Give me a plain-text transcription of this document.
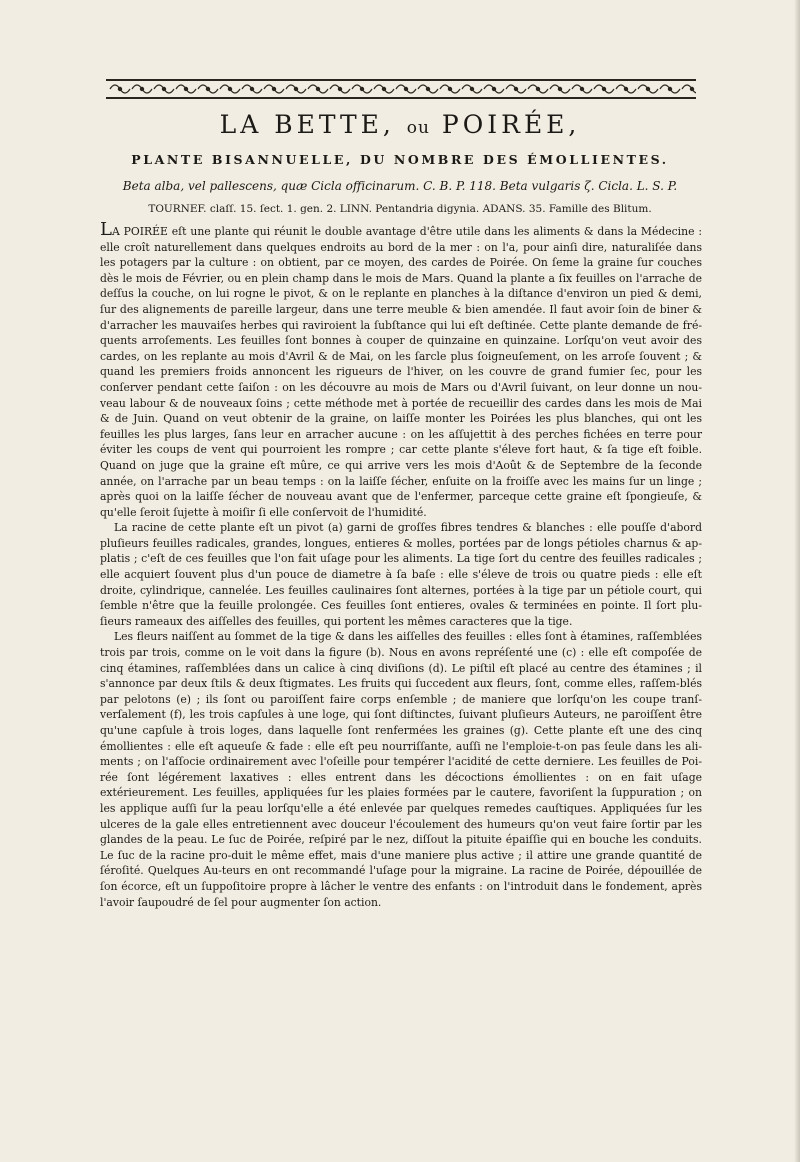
LA BETTE, ou POIRÉE,
PLANTE BISANNUELLE, DU NOMBRE DES ÉMOLLIENTES.
Beta alba, vel pallescens, quæ Cicla officinarum. C. B. P. 118. Beta vulgaris ζ. Cicla. L. S. P.
TOURNEF. claſſ. 15. ſect. 1. gen. 2. LINN. Pentandria digynia. ADANS. 35. Famille des Blitum.

LA POIRÉE eſt une plante qui réunit le double avantage d'être utile dans les aliments & dans la Médecine : elle croît naturellement dans quelques endroits au bord de la mer : on l'a, pour ainſi dire, naturaliſée dans les potagers par la culture : on obtient, par ce moyen, des cardes de Poirée. On ſeme la graine ſur couches dès le mois de Février, ou en plein champ dans le mois de Mars. Quand la plante a ſix feuilles on l'arrache de deſſus la couche, on lui rogne le pivot, & on le replante en planches à la diſtance d'environ un pied & demi, ſur des alignements de pareille largeur, dans une terre meuble & bien amendée. Il faut avoir ſoin de biner & d'arracher les mauvaiſes herbes qui raviroient la ſubſtance qui lui eſt deſtinée. Cette plante demande de fré-quents arroſements. Les feuilles ſont bonnes à couper de quinzaine en quinzaine. Lorſqu'on veut avoir des cardes, on les replante au mois d'Avril & de Mai, on les ſarcle plus ſoigneuſement, on les arroſe ſouvent ; & quand les premiers froids annoncent les rigueurs de l'hiver, on les couvre de grand fumier ſec, pour les conſerver pendant cette ſaiſon : on les découvre au mois de Mars ou d'Avril ſuivant, on leur donne un nou-veau labour & de nouveaux ſoins ; cette méthode met à portée de recueillir des cardes dans les mois de Mai & de Juin. Quand on veut obtenir de la graine, on laiſſe monter les Poirées les plus blanches, qui ont les feuilles les plus larges, ſans leur en arracher aucune : on les aſſujettit à des perches fichées en terre pour éviter les coups de vent qui pourroient les rompre ; car cette plante s'éleve fort haut, & ſa tige eſt foible. Quand on juge que la graine eſt mûre, ce qui arrive vers les mois d'Août & de Septembre de la ſeconde année, on l'arrache par un beau temps : on la laiſſe ſécher, enſuite on la froiſſe avec les mains ſur un linge ; après quoi on la laiſſe ſécher de nouveau avant que de l'enfermer, parceque cette graine eſt ſpongieuſe, & qu'elle ſeroit ſujette à moiſir ſi elle conſervoit de l'humidité.

La racine de cette plante eſt un pivot (a) garni de groſſes fibres tendres & blanches : elle pouſſe d'abord pluſieurs feuilles radicales, grandes, longues, entieres & molles, portées par de longs pétioles charnus & ap-platis ; c'eſt de ces feuilles que l'on fait uſage pour les aliments. La tige ſort du centre des feuilles radicales ; elle acquiert ſouvent plus d'un pouce de diametre à ſa baſe : elle s'éleve de trois ou quatre pieds : elle eſt droite, cylindrique, cannelée. Les feuilles caulinaires ſont alternes, portées à la tige par un pétiole court, qui ſemble n'être que la feuille prolongée. Ces feuilles ſont entieres, ovales & terminées en pointe. Il ſort plu-ſieurs rameaux des aiſſelles des feuilles, qui portent les mêmes caracteres que la tige.

Les fleurs naiſſent au ſommet de la tige & dans les aiſſelles des feuilles : elles ſont à étamines, raſſemblées trois par trois, comme on le voit dans la figure (b). Nous en avons repréſenté une (c) : elle eſt compoſée de cinq étamines, raſſemblées dans un calice à cinq diviſions (d). Le piſtil eſt placé au centre des étamines ; il s'annonce par deux ſtils & deux ſtigmates. Les fruits qui ſuccedent aux fleurs, ſont, comme elles, raſſem-blés par pelotons (e) ; ils ſont ou paroiſſent faire corps enſemble ; de maniere que lorſqu'on les coupe tranſ-verſalement (f), les trois capſules à une loge, qui ſont diſtinctes, ſuivant pluſieurs Auteurs, ne paroiſſent être qu'une capſule à trois loges, dans laquelle ſont renfermées les graines (g). Cette plante eſt une des cinq émollientes : elle eſt aqueuſe & fade : elle eſt peu nourriſſante, auſſi ne l'emploie-t-on pas ſeule dans les ali-ments ; on l'aſſocie ordinairement avec l'oſeille pour tempérer l'acidité de cette derniere. Les feuilles de Poi-rée ſont légérement laxatives : elles entrent dans les décoctions émollientes : on en fait uſage extérieurement. Les feuilles, appliquées ſur les plaies formées par le cautere, favoriſent la ſuppuration ; on les applique auſſi ſur la peau lorſqu'elle a été enlevée par quelques remedes cauſtiques. Appliquées ſur les ulceres de la gale elles entretiennent avec douceur l'écoulement des humeurs qu'on veut faire ſortir par les glandes de la peau. Le ſuc de Poirée, reſpiré par le nez, diſſout la pituite épaiſſie qui en bouche les conduits. Le ſuc de la racine pro-duit le même effet, mais d'une maniere plus active ; il attire une grande quantité de ſéroſité. Quelques Au-teurs en ont recommandé l'uſage pour la migraine. La racine de Poirée, dépouillée de ſon écorce, eſt un ſuppoſitoire propre à lâcher le ventre des enfants : on l'introduit dans le fondement, après l'avoir ſaupoudré de ſel pour augmenter ſon action.
